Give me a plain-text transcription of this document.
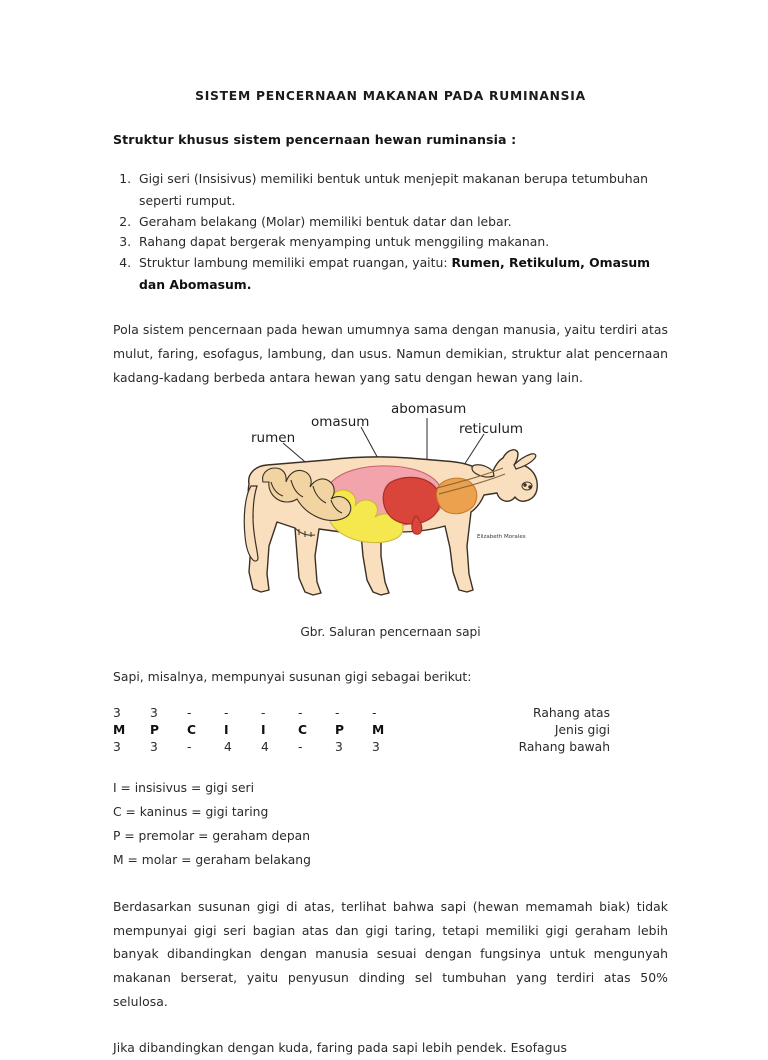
SISTEM PENCERNAAN MAKANAN PADA RUMINANSIA
Struktur khusus sistem pencernaan hewan ruminansia :
1. Gigi seri (Insisivus) memiliki bentuk untuk menjepit makanan berupa tetumbuhan seperti rumput.
2. Geraham belakang (Molar) memiliki bentuk datar dan lebar.
3. Rahang dapat bergerak menyamping untuk menggiling makanan.
4. Struktur lambung memiliki empat ruangan, yaitu: Rumen, Retikulum, Omasum dan Abomasum.
Pola sistem pencernaan pada hewan umumnya sama dengan manusia, yaitu terdiri atas mulut, faring, esofagus, lambung, dan usus. Namun demikian, struktur alat pencernaan kadang-kadang berbeda antara hewan yang satu dengan hewan yang lain.
rumen
omasum
abomasum
reticulum
Elizabeth Morales
Gbr. Saluran pencernaan sapi
Sapi, misalnya, mempunyai susunan gigi sebagai berikut:
3	3	-	-	-	-	-	-	Rahang atas
M	P	C	I	I	C	P	M	Jenis gigi
3	3	-	4	4	-	3	3	Rahang bawah
I = insisivus = gigi seri
C = kaninus = gigi taring
P = premolar = geraham depan
M = molar = geraham belakang
Berdasarkan susunan gigi di atas, terlihat bahwa sapi (hewan memamah biak) tidak mempunyai gigi seri bagian atas dan gigi taring, tetapi memiliki gigi geraham lebih banyak dibandingkan dengan manusia sesuai dengan fungsinya untuk mengunyah makanan berserat, yaitu penyusun dinding sel tumbuhan yang terdiri atas 50% selulosa.
Jika dibandingkan dengan kuda, faring pada sapi lebih pendek. Esofagus
